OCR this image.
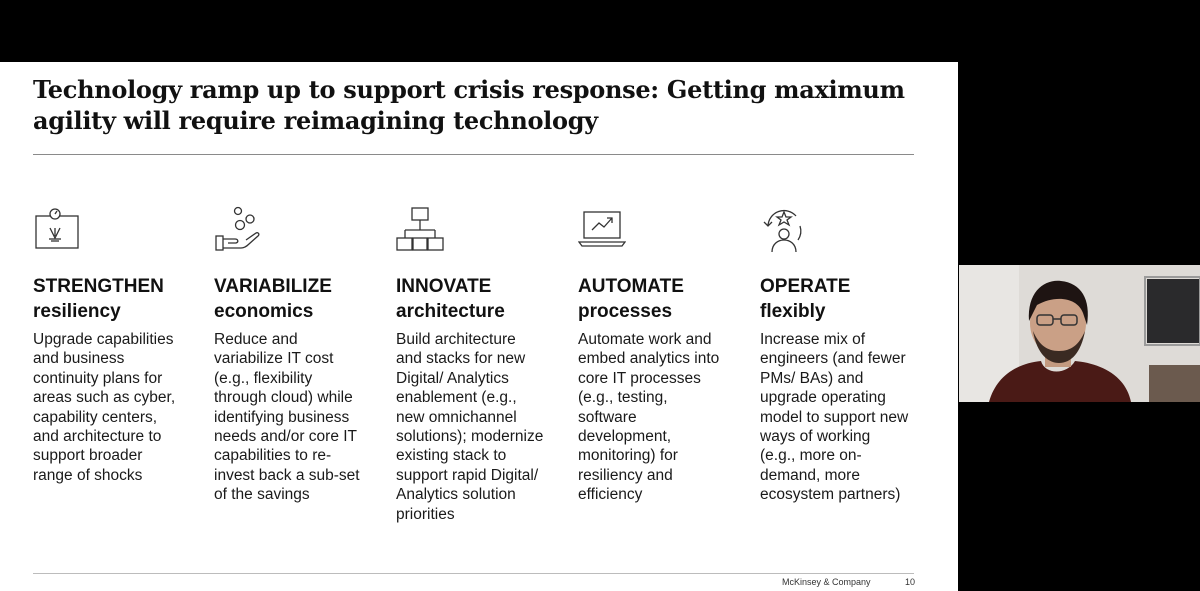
Technology ramp up to support crisis response: Getting maximum agility will require reimagining technology
STRENGTHEN
resiliency
Upgrade capabilities
and business
continuity plans for
areas such as cyber,
capability centers,
and architecture to
support broader
range of shocks
VARIABILIZE
economics
Reduce and
variabilize IT cost
(e.g., flexibility
through cloud) while
identifying business
needs and/or core IT
capabilities to re-
invest back a sub-set
of the savings
INNOVATE
architecture
Build architecture
and stacks for new
Digital/ Analytics
enablement (e.g.,
new omnichannel
solutions); modernize
existing stack to
support rapid Digital/
Analytics solution
priorities
AUTOMATE
processes
Automate work and
embed analytics into
core IT processes
(e.g., testing,
software
development,
monitoring) for
resiliency and
efficiency
OPERATE
flexibly
Increase mix of
engineers (and fewer
PMs/ BAs) and
upgrade operating
model to support new
ways of working
(e.g., more on-
demand, more
ecosystem partners)
McKinsey & Company	10
